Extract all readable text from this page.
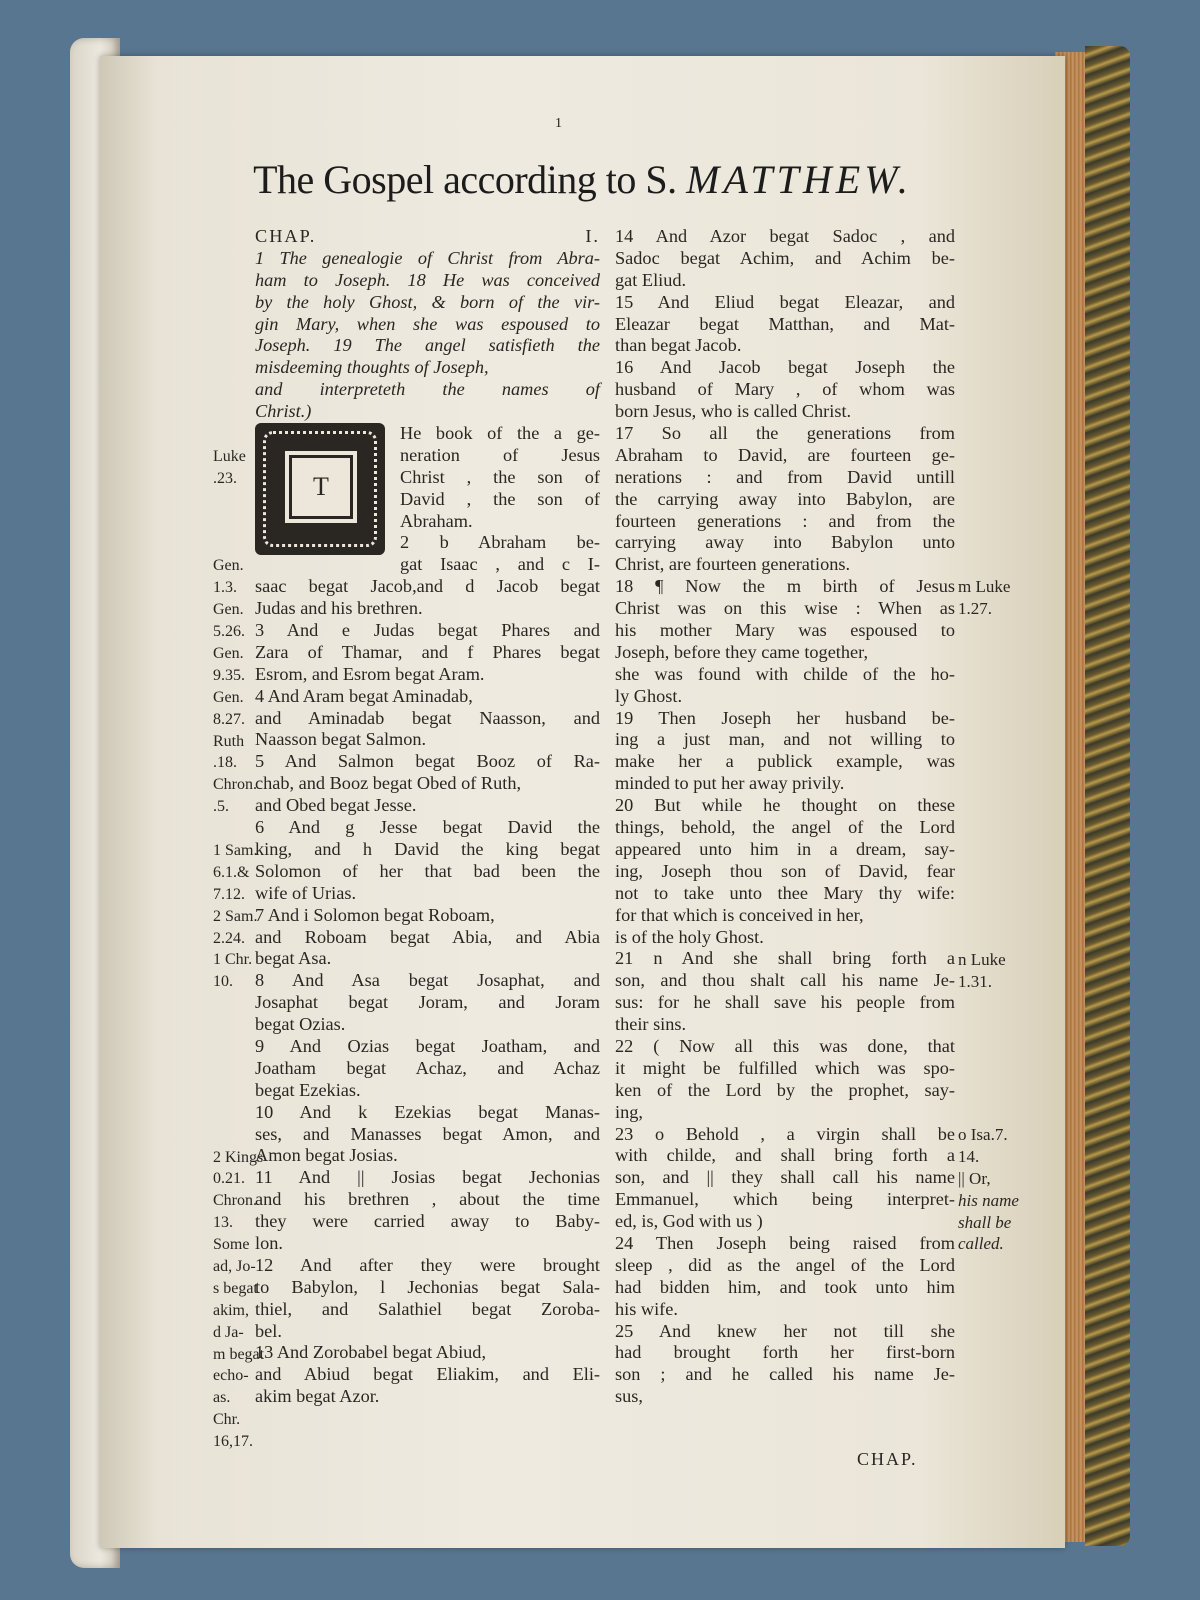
1
The Gospel according to S. MATTHEW.
CHAP. I.
1 The genealogie of Christ from Abra-
ham to Joseph. 18 He was conceived
by the holy Ghost, & born of the vir-
gin Mary, when she was espoused to
Joseph. 19 The angel satisfieth the
misdeeming thoughts of Joseph,
and interpreteth the names of
Christ.)
T
He book of the a ge-
neration of Jesus
Christ , the son of
David , the son of
Abraham.
2 b Abraham be-
gat Isaac , and c I-
saac begat Jacob,and d Jacob begat
Judas and his brethren.
3 And e Judas begat Phares and
Zara of Thamar, and f Phares begat
Esrom, and Esrom begat Aram.
4 And Aram begat Aminadab,
and Aminadab begat Naasson, and
Naasson begat Salmon.
5 And Salmon begat Booz of Ra-
chab, and Booz begat Obed of Ruth,
and Obed begat Jesse.
6 And g Jesse begat David the
king, and h David the king begat
Solomon of her that bad been the
wife of Urias.
7 And i Solomon begat Roboam,
and Roboam begat Abia, and Abia
begat Asa.
8 And Asa begat Josaphat, and
Josaphat begat Joram, and Joram
begat Ozias.
9 And Ozias begat Joatham, and
Joatham begat Achaz, and Achaz
begat Ezekias.
10 And k Ezekias begat Manas-
ses, and Manasses begat Amon, and
Amon begat Josias.
11 And || Josias begat Jechonias
and his brethren , about the time
they were carried away to Baby-
lon.
12 And after they were brought
to Babylon, l Jechonias begat Sala-
thiel, and Salathiel begat Zoroba-
bel.
13 And Zorobabel begat Abiud,
and Abiud begat Eliakim, and Eli-
akim begat Azor.
14 And Azor begat Sadoc , and
Sadoc begat Achim, and Achim be-
gat Eliud.
15 And Eliud begat Eleazar, and
Eleazar begat Matthan, and Mat-
than begat Jacob.
16 And Jacob begat Joseph the
husband of Mary , of whom was
born Jesus, who is called Christ.
17 So all the generations from
Abraham to David, are fourteen ge-
nerations : and from David untill
the carrying away into Babylon, are
fourteen generations : and from the
carrying away into Babylon unto
Christ, are fourteen generations.
18 ¶ Now the m birth of Jesus
Christ was on this wise : When as
his mother Mary was espoused to
Joseph, before they came together,
she was found with childe of the ho-
ly Ghost.
19 Then Joseph her husband be-
ing a just man, and not willing to
make her a publick example, was
minded to put her away privily.
20 But while he thought on these
things, behold, the angel of the Lord
appeared unto him in a dream, say-
ing, Joseph thou son of David, fear
not to take unto thee Mary thy wife:
for that which is conceived in her,
is of the holy Ghost.
21 n And she shall bring forth a
son, and thou shalt call his name Je-
sus: for he shall save his people from
their sins.
22 ( Now all this was done, that
it might be fulfilled which was spo-
ken of the Lord by the prophet, say-
ing,
23 o Behold , a virgin shall be
with childe, and shall bring forth a
son, and || they shall call his name
Emmanuel, which being interpret-
ed, is, God with us )
24 Then Joseph being raised from
sleep , did as the angel of the Lord
had bidden him, and took unto him
his wife.
25 And knew her not till she
had brought forth her first-born
son ; and he called his name Je-
sus,
Luke
.23.
Gen.
1.3.
Gen.
5.26.
Gen.
9.35.
Gen.
8.27.
Ruth
.18.
Chron.
.5.
1 Sam.
6.1.&
7.12.
2 Sam.
2.24.
1 Chr.
10.
2 Kings
0.21.
Chron.
13.
Some
ad, Jo-
s begat
akim,
d Ja-
m begat
echo-
as.
Chr.
16,17.
m Luke
1.27.
n Luke
1.31.
o Isa.7.
14.
|| Or,
his name
shall be
called.
CHAP.
